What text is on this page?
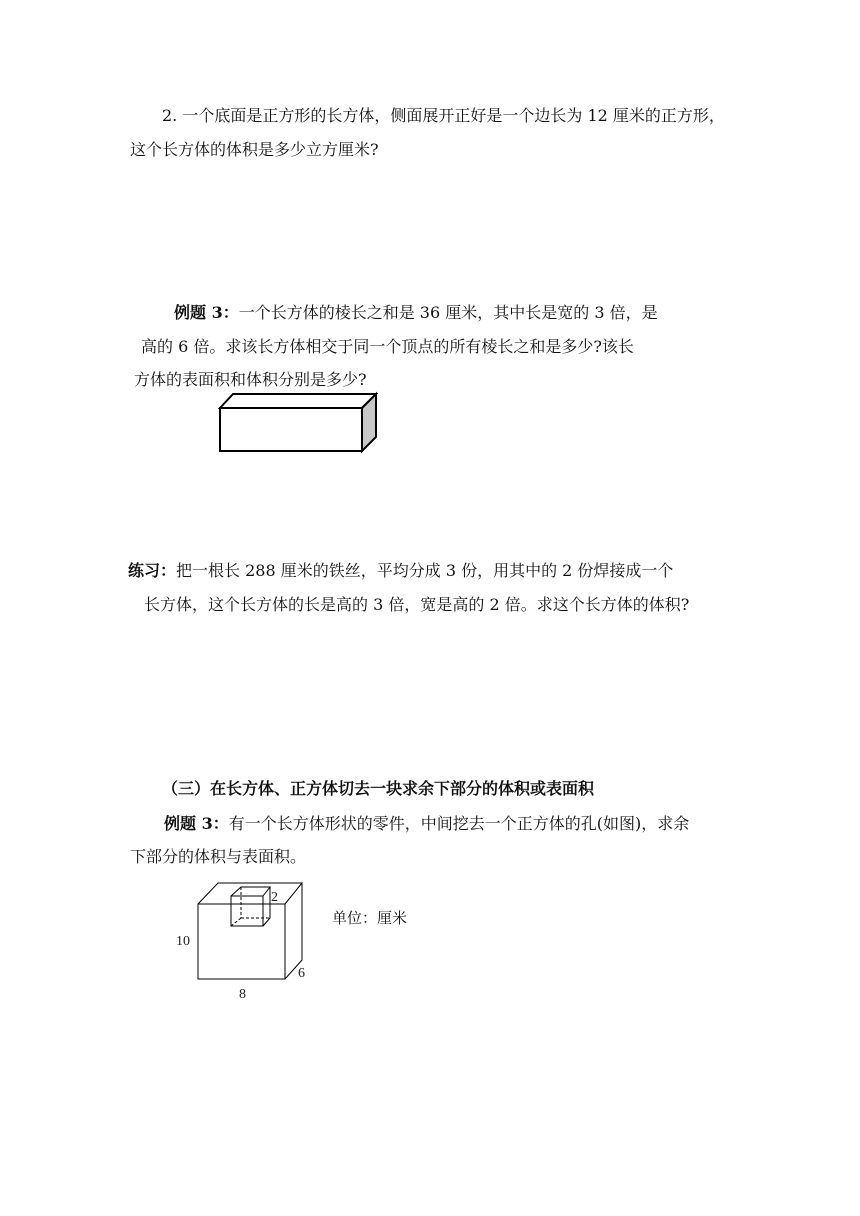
2. 一个底面是正方形的长方体，侧面展开正好是一个边长为 12 厘米的正方形，
这个长方体的体积是多少立方厘米?
例题 3：一个长方体的棱长之和是 36 厘米，其中长是宽的 3 倍，是
高的 6 倍。求该长方体相交于同一个顶点的所有棱长之和是多少?该长
方体的表面积和体积分别是多少?
练习：把一根长 288 厘米的铁丝，平均分成 3 份，用其中的 2 份焊接成一个
长方体，这个长方体的长是高的 3 倍，宽是高的 2 倍。求这个长方体的体积?
（三）在长方体、正方体切去一块求余下部分的体积或表面积
例题 3：有一个长方体形状的零件，中间挖去一个正方体的孔(如图)，求余
下部分的体积与表面积。
10
8
6
2
单位：厘米
